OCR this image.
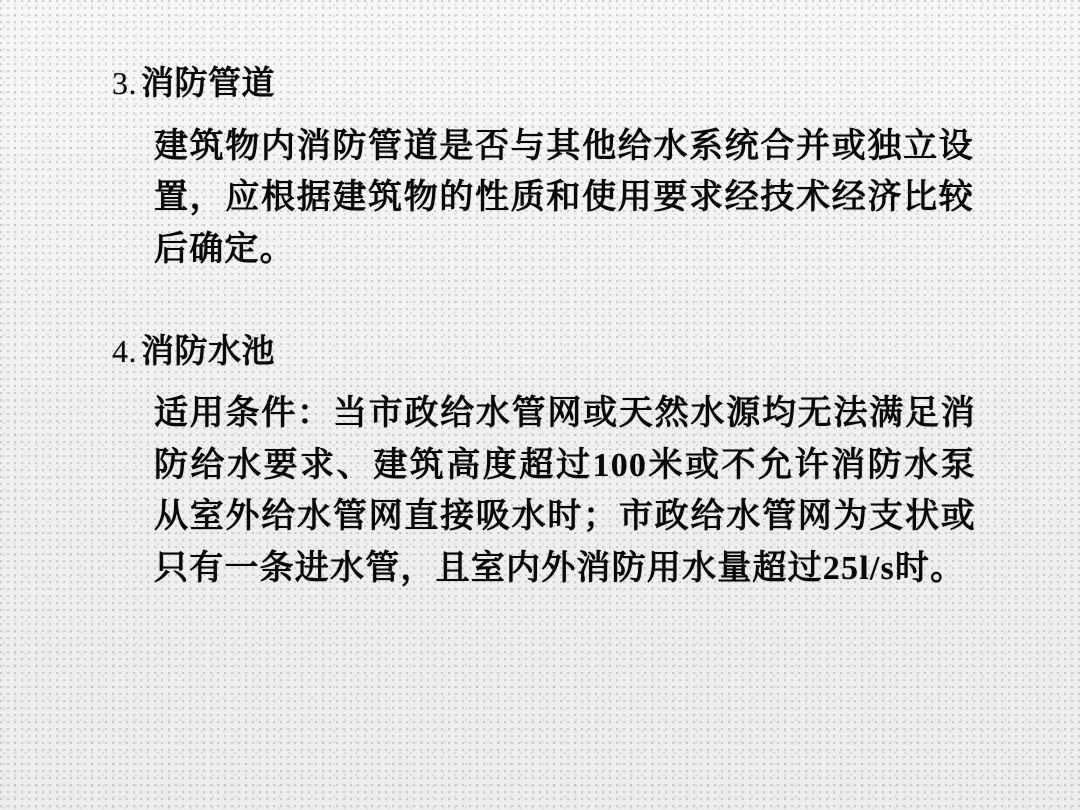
3. 消防管道
建筑物内消防管道是否与其他给水系统合并或独立设置，应根据建筑物的性质和使用要求经技术经济比较后确定。
4. 消防水池
适用条件：当市政给水管网或天然水源均无法满足消防给水要求、建筑高度超过100米或不允许消防水泵从室外给水管网直接吸水时；市政给水管网为支状或只有一条进水管，且室内外消防用水量超过25l/s时。
